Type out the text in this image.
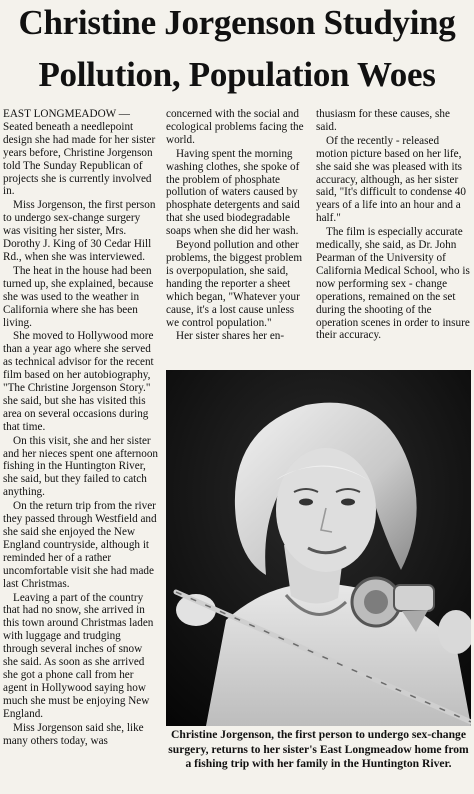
Christine Jorgenson Studying
Pollution, Population Woes

EAST LONGMEADOW — Seated beneath a needlepoint design she had made for her sister years before, Christine Jorgenson told The Sunday Republican of projects she is currently involved in.

Miss Jorgenson, the first person to undergo sex-change surgery was visiting her sister, Mrs. Dorothy J. King of 30 Cedar Hill Rd., when she was interviewed.

The heat in the house had been turned up, she explained, because she was used to the weather in California where she has been living.

She moved to Hollywood more than a year ago where she served as technical advisor for the recent film based on her autobiography, "The Christine Jorgenson Story." she said, but she has visited this area on several occasions during that time.

On this visit, she and her sister and her nieces spent one afternoon fishing in the Huntington River, she said, but they failed to catch anything.

On the return trip from the river they passed through Westfield and she said she enjoyed the New England countryside, although it reminded her of a rather uncomfortable visit she had made last Christmas.

Leaving a part of the country that had no snow, she arrived in this town around Christmas laden with luggage and trudging through several inches of snow she said. As soon as she arrived she got a phone call from her agent in Hollywood saying how much she must be enjoying New England.

Miss Jorgenson said she, like many others today, was

concerned with the social and ecological problems facing the world.

Having spent the morning washing clothes, she spoke of the problem of phosphate pollution of waters caused by phosphate detergents and said that she used biodegradable soaps when she did her wash.

Beyond pollution and other problems, the biggest problem is overpopulation, she said, handing the reporter a sheet which began, "Whatever your cause, it's a lost cause unless we control population."

Her sister shares her en-

thusiasm for these causes, she said.

Of the recently - released motion picture based on her life, she said she was pleased with its accuracy, although, as her sister said, "It's difficult to condense 40 years of a life into an hour and a half."

The film is especially accurate medically, she said, as Dr. John Pearman of the University of California Medical School, who is now performing sex - change operations, remained on the set during the shooting of the operation scenes in order to insure their accuracy.

Christine Jorgenson, the first person to undergo sex-change surgery, returns to her sister's East Longmeadow home from a fishing trip with her family in the Huntington River.
